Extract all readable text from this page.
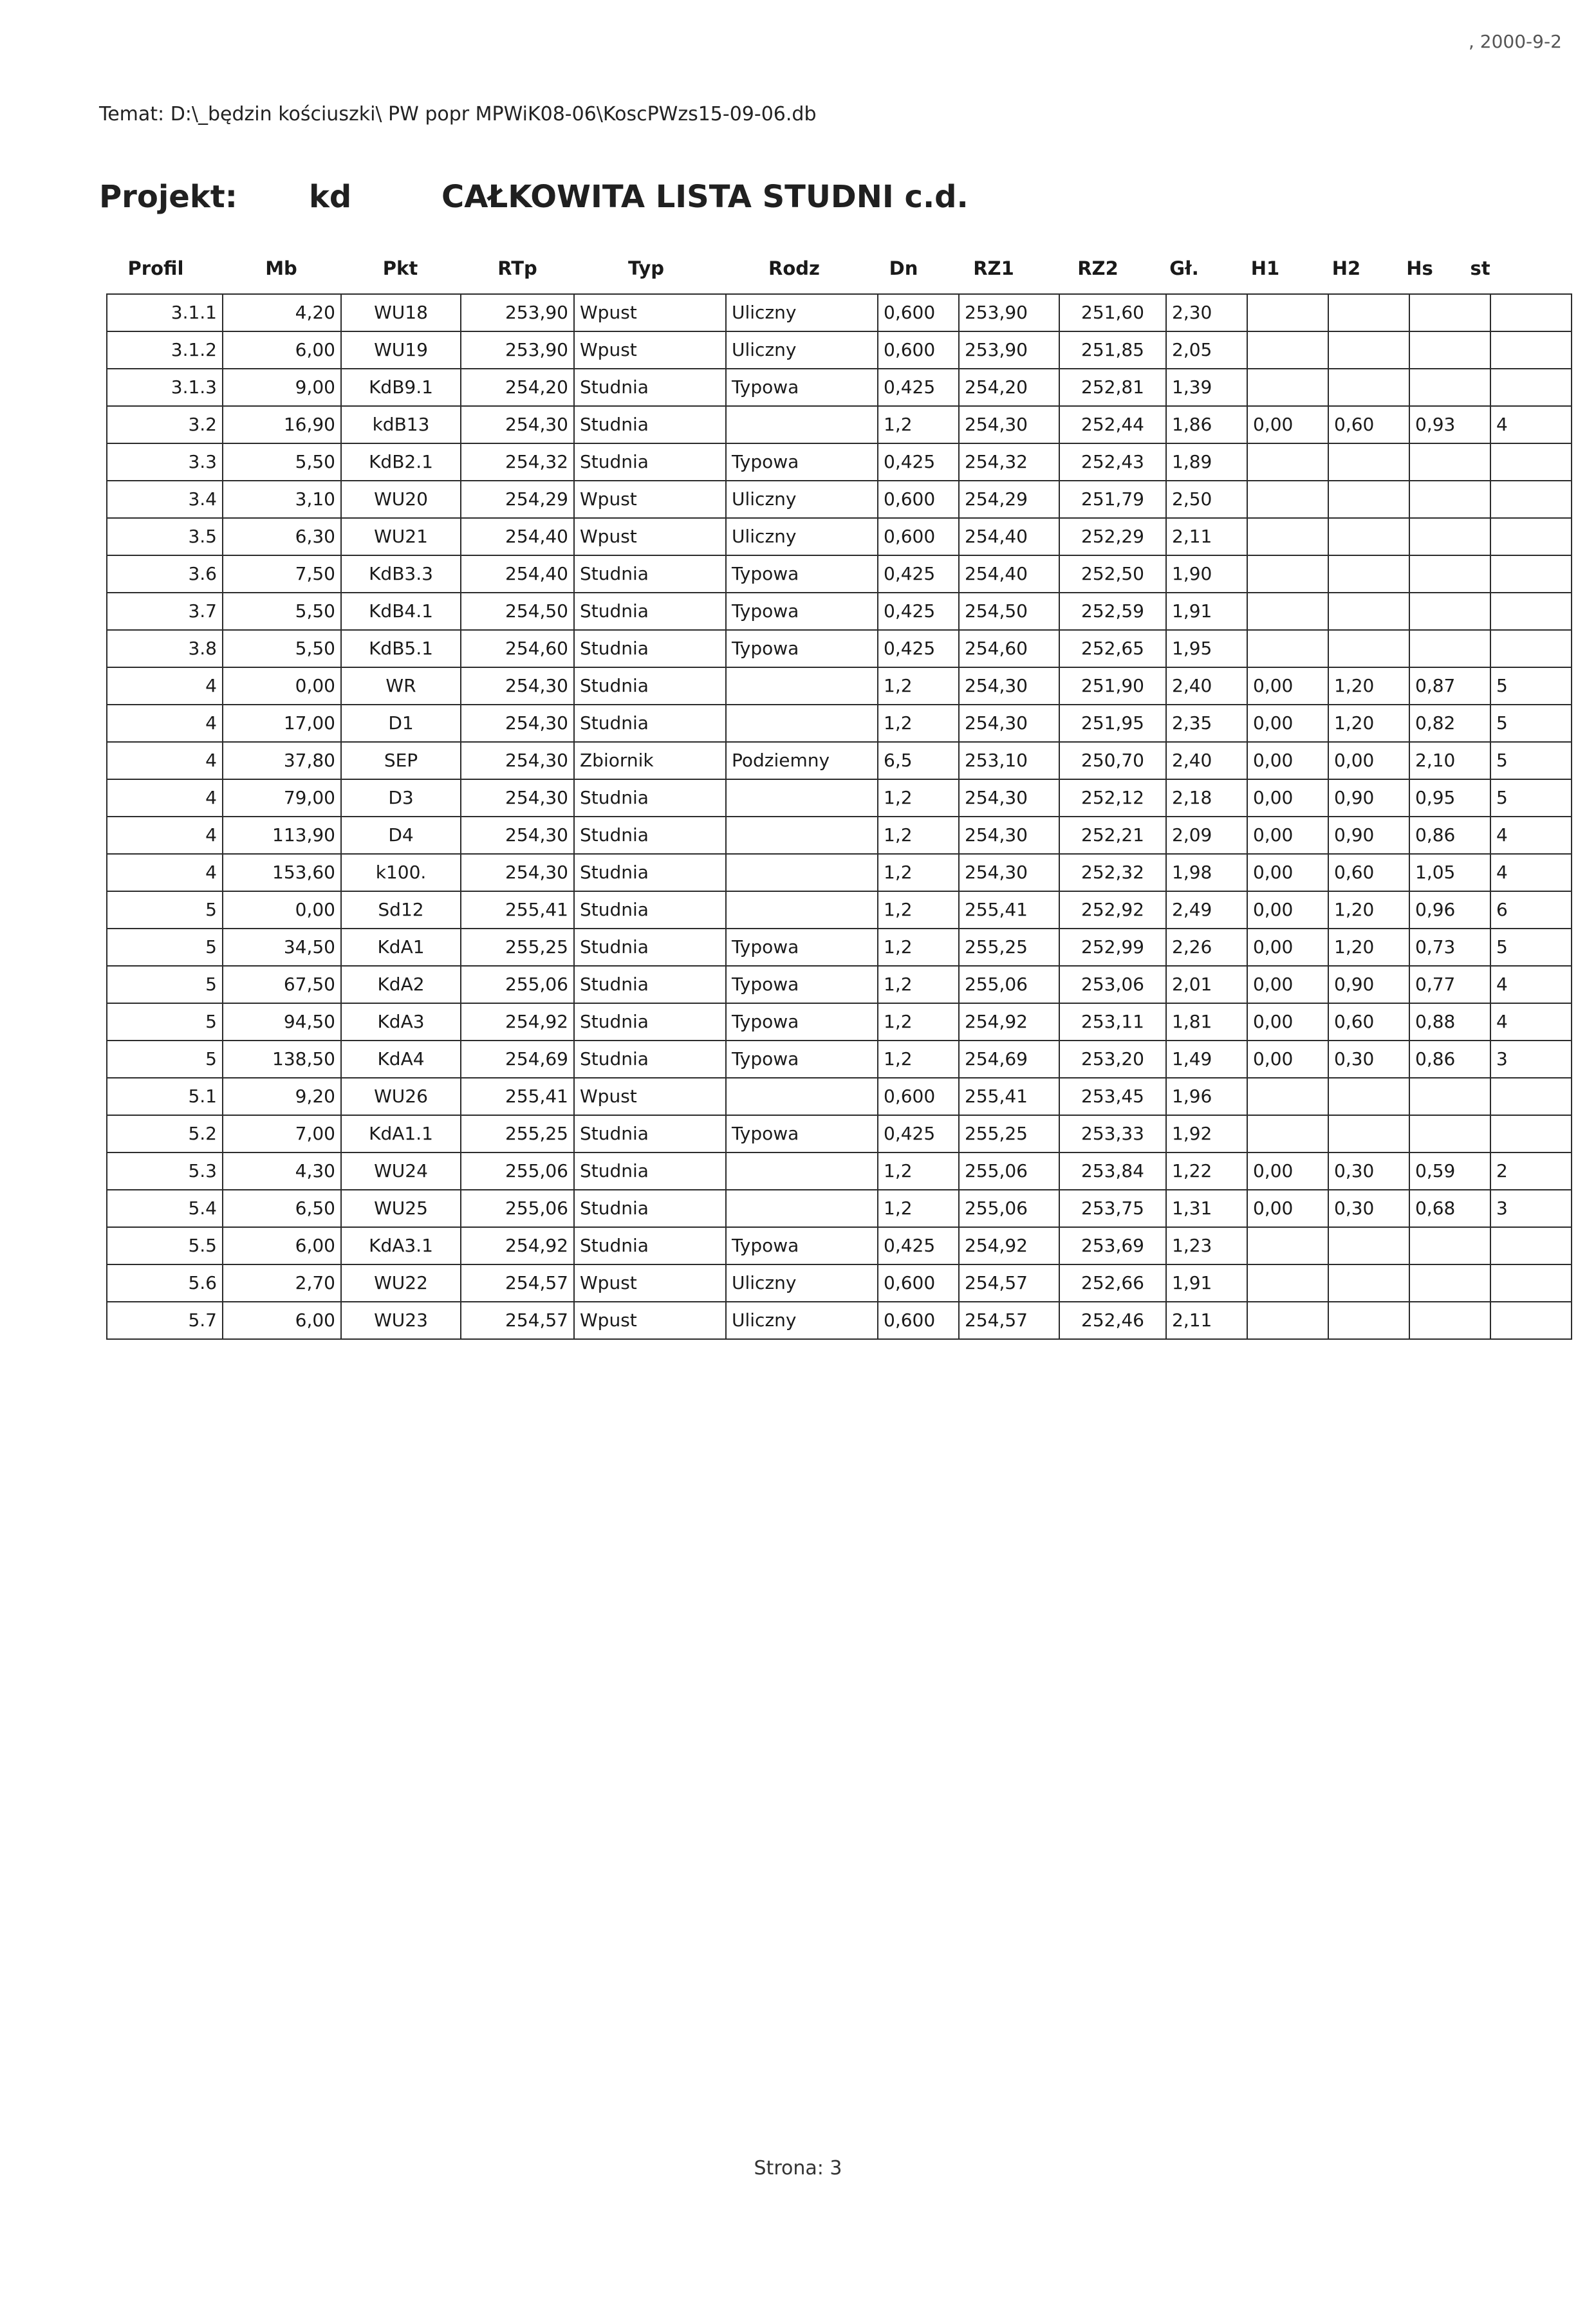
, 2000-9-2
Temat: D:\_będzin kościuszki\ PW popr MPWiK08-06\KoscPWzs15-09-06.db
Projekt: kd	CAŁKOWITA LISTA STUDNI c.d.
Profil	Mb	Pkt	RTp	Typ	Rodz	Dn	RZ1	RZ2	Gł.	H1	H2	Hs	st
3.1.1	4,20	WU18	253,90	Wpust	Uliczny	0,600	253,90	251,60	2,30				
3.1.2	6,00	WU19	253,90	Wpust	Uliczny	0,600	253,90	251,85	2,05				
3.1.3	9,00	KdB9.1	254,20	Studnia	Typowa	0,425	254,20	252,81	1,39				
3.2	16,90	kdB13	254,30	Studnia		1,2	254,30	252,44	1,86	0,00	0,60	0,93	4
3.3	5,50	KdB2.1	254,32	Studnia	Typowa	0,425	254,32	252,43	1,89				
3.4	3,10	WU20	254,29	Wpust	Uliczny	0,600	254,29	251,79	2,50				
3.5	6,30	WU21	254,40	Wpust	Uliczny	0,600	254,40	252,29	2,11				
3.6	7,50	KdB3.3	254,40	Studnia	Typowa	0,425	254,40	252,50	1,90				
3.7	5,50	KdB4.1	254,50	Studnia	Typowa	0,425	254,50	252,59	1,91				
3.8	5,50	KdB5.1	254,60	Studnia	Typowa	0,425	254,60	252,65	1,95				
4	0,00	WR	254,30	Studnia		1,2	254,30	251,90	2,40	0,00	1,20	0,87	5
4	17,00	D1	254,30	Studnia		1,2	254,30	251,95	2,35	0,00	1,20	0,82	5
4	37,80	SEP	254,30	Zbiornik	Podziemny	6,5	253,10	250,70	2,40	0,00	0,00	2,10	5
4	79,00	D3	254,30	Studnia		1,2	254,30	252,12	2,18	0,00	0,90	0,95	5
4	113,90	D4	254,30	Studnia		1,2	254,30	252,21	2,09	0,00	0,90	0,86	4
4	153,60	k100.	254,30	Studnia		1,2	254,30	252,32	1,98	0,00	0,60	1,05	4
5	0,00	Sd12	255,41	Studnia		1,2	255,41	252,92	2,49	0,00	1,20	0,96	6
5	34,50	KdA1	255,25	Studnia	Typowa	1,2	255,25	252,99	2,26	0,00	1,20	0,73	5
5	67,50	KdA2	255,06	Studnia	Typowa	1,2	255,06	253,06	2,01	0,00	0,90	0,77	4
5	94,50	KdA3	254,92	Studnia	Typowa	1,2	254,92	253,11	1,81	0,00	0,60	0,88	4
5	138,50	KdA4	254,69	Studnia	Typowa	1,2	254,69	253,20	1,49	0,00	0,30	0,86	3
5.1	9,20	WU26	255,41	Wpust		0,600	255,41	253,45	1,96				
5.2	7,00	KdA1.1	255,25	Studnia	Typowa	0,425	255,25	253,33	1,92				
5.3	4,30	WU24	255,06	Studnia		1,2	255,06	253,84	1,22	0,00	0,30	0,59	2
5.4	6,50	WU25	255,06	Studnia		1,2	255,06	253,75	1,31	0,00	0,30	0,68	3
5.5	6,00	KdA3.1	254,92	Studnia	Typowa	0,425	254,92	253,69	1,23				
5.6	2,70	WU22	254,57	Wpust	Uliczny	0,600	254,57	252,66	1,91				
5.7	6,00	WU23	254,57	Wpust	Uliczny	0,600	254,57	252,46	2,11				
Strona: 3
